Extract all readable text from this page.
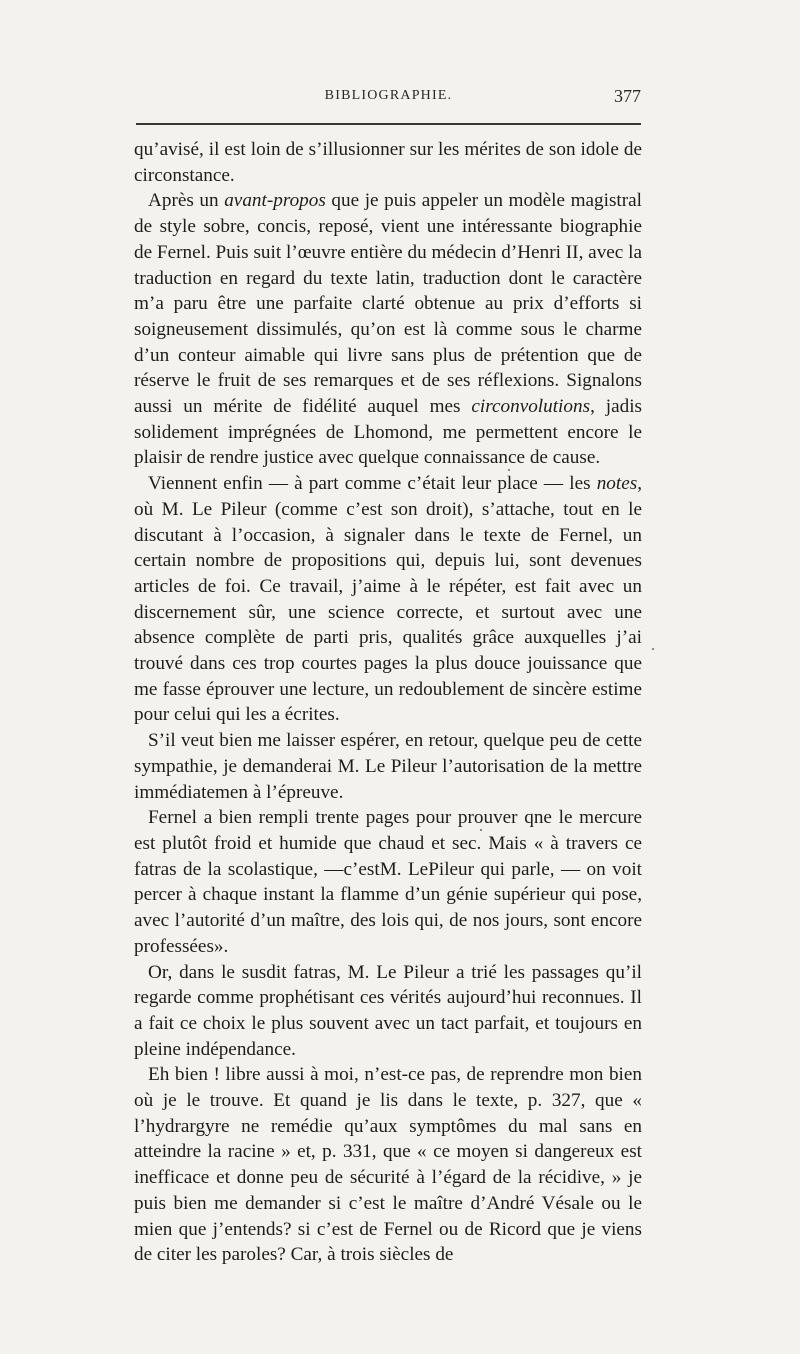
BIBLIOGRAPHIE.	377

qu’avisé, il est loin de s’illusionner sur les mérites de son idole de circonstance.

Après un avant-propos que je puis appeler un modèle magistral de style sobre, concis, reposé, vient une intéressante biographie de Fernel. Puis suit l’œuvre entière du médecin d’Henri II, avec la traduction en regard du texte latin, traduction dont le caractère m’a paru être une parfaite clarté obtenue au prix d’efforts si soigneusement dissimulés, qu’on est là comme sous le charme d’un conteur aimable qui livre sans plus de prétention que de réserve le fruit de ses remarques et de ses réflexions. Signalons aussi un mérite de fidélité auquel mes circonvolutions, jadis solidement imprégnées de Lhomond, me permettent encore le plaisir de rendre justice avec quelque connaissance de cause.

Viennent enfin — à part comme c’était leur place — les notes, où M. Le Pileur (comme c’est son droit), s’attache, tout en le discutant à l’occasion, à signaler dans le texte de Fernel, un certain nombre de propositions qui, depuis lui, sont devenues articles de foi. Ce travail, j’aime à le répéter, est fait avec un discernement sûr, une science correcte, et surtout avec une absence complète de parti pris, qualités grâce auxquelles j’ai trouvé dans ces trop courtes pages la plus douce jouissance que me fasse éprouver une lecture, un redoublement de sincère estime pour celui qui les a écrites.

S’il veut bien me laisser espérer, en retour, quelque peu de cette sympathie, je demanderai M. Le Pileur l’autorisation de la mettre immédiatemen à l’épreuve.

Fernel a bien rempli trente pages pour prouver qne le mercure est plutôt froid et humide que chaud et sec. Mais « à travers ce fatras de la scolastique, —c’estM. LePileur qui parle, — on voit percer à chaque instant la flamme d’un génie supérieur qui pose, avec l’autorité d’un maître, des lois qui, de nos jours, sont encore professées».

Or, dans le susdit fatras, M. Le Pileur a trié les passages qu’il regarde comme prophétisant ces vérités aujourd’hui reconnues. Il a fait ce choix le plus souvent avec un tact parfait, et toujours en pleine indépendance.

Eh bien ! libre aussi à moi, n’est-ce pas, de reprendre mon bien où je le trouve. Et quand je lis dans le texte, p. 327, que « l’hydrargyre ne remédie qu’aux symptômes du mal sans en atteindre la racine » et, p. 331, que « ce moyen si dangereux est inefficace et donne peu de sécurité à l’égard de la récidive, » je puis bien me demander si c’est le maître d’André Vésale ou le mien que j’entends? si c’est de Fernel ou de Ricord que je viens de citer les paroles? Car, à trois siècles de
